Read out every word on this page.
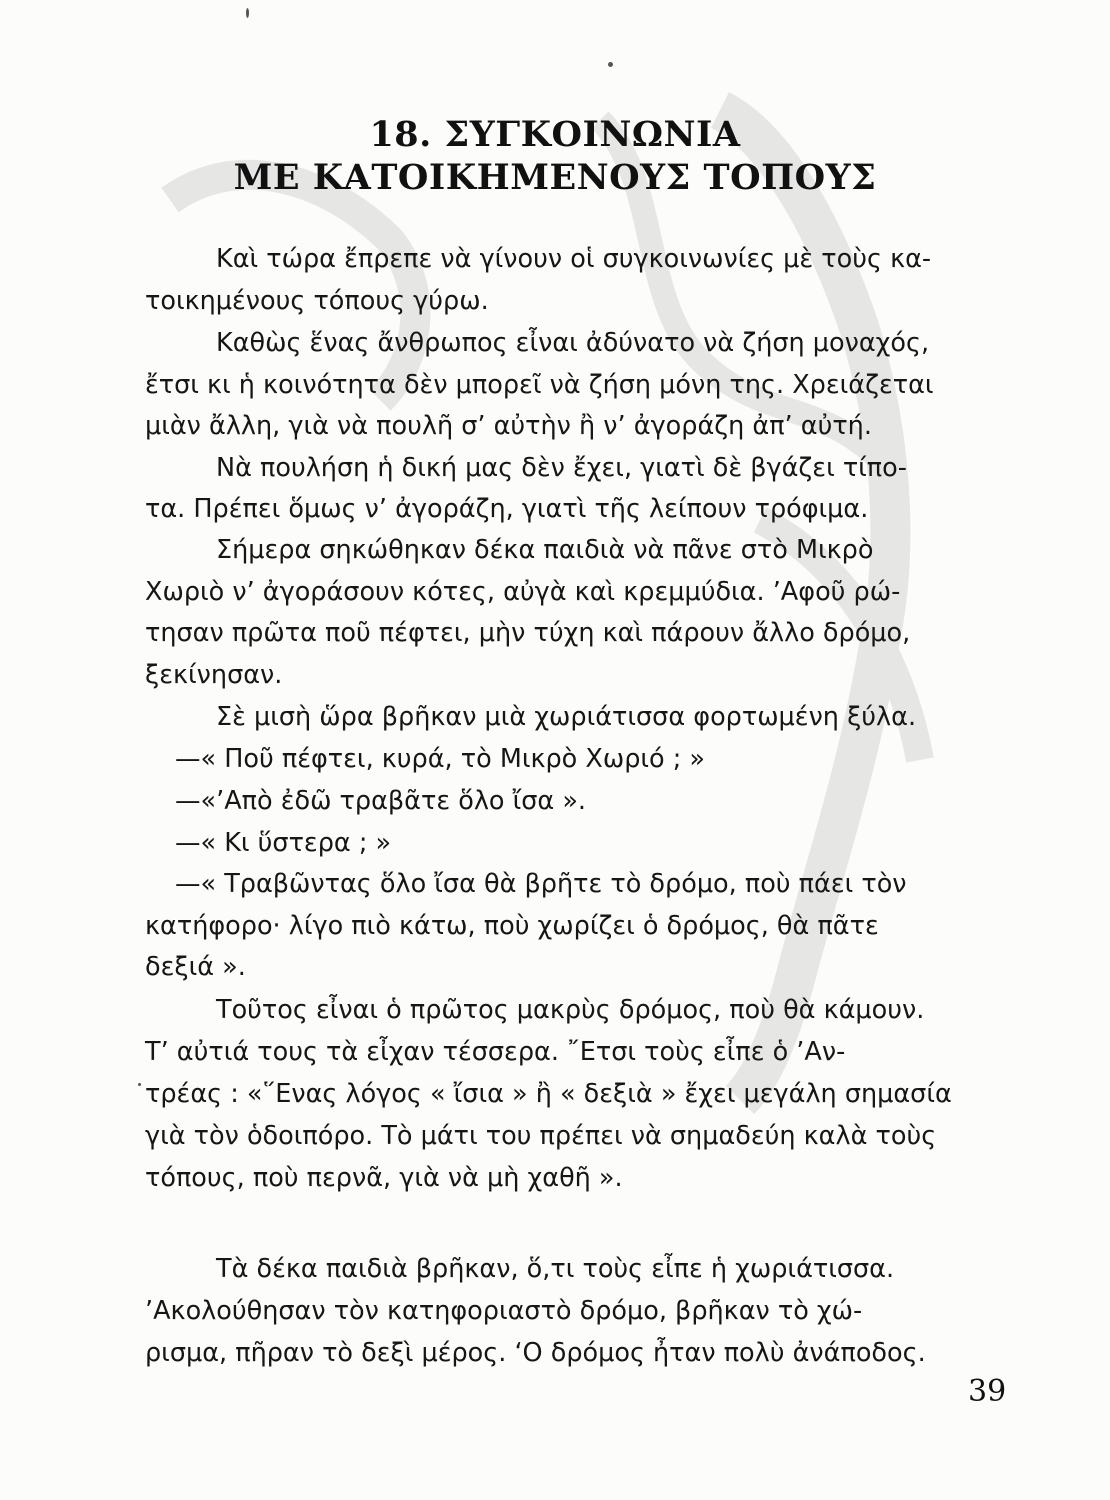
18. ΣΥΓΚΟΙΝΩΝΙΑ
ΜΕ ΚΑΤΟΙΚΗΜΕΝΟΥΣ ΤΟΠΟΥΣ
Καὶ τώρα ἔπρεπε νὰ γίνουν οἱ συγκοινωνίες μὲ τοὺς κα-
τοικημένους τόπους γύρω.
Καθὼς ἕνας ἄνθρωπος εἶναι ἀδύνατο νὰ ζήση μοναχός,
ἔτσι κι ἡ κοινότητα δὲν μπορεῖ νὰ ζήση μόνη της. Χρειάζεται
μιὰν ἄλλη, γιὰ νὰ πουλῆ σ’ αὐτὴν ἢ ν’ ἀγοράζη ἀπ’ αὐτή.
Νὰ πουλήση ἡ δική μας δὲν ἔχει, γιατὶ δὲ βγάζει τίπο-
τα. Πρέπει ὅμως ν’ ἀγοράζη, γιατὶ τῆς λείπουν τρόφιμα.
Σήμερα σηκώθηκαν δέκα παιδιὰ νὰ πᾶνε στὸ Μικρὸ
Χωριὸ ν’ ἀγοράσουν κότες, αὐγὰ καὶ κρεμμύδια. ’Αφοῦ ρώ-
τησαν πρῶτα ποῦ πέφτει, μὴν τύχη καὶ πάρουν ἄλλο δρόμο,
ξεκίνησαν.
Σὲ μισὴ ὥρα βρῆκαν μιὰ χωριάτισσα φορτωμένη ξύλα.
—« Ποῦ πέφτει, κυρά, τὸ Μικρὸ Χωριό ; »
—«’Απὸ ἐδῶ τραβᾶτε ὅλο ἴσα ».
—« Κι ὕστερα ; »
—« Τραβῶντας ὅλο ἴσα θὰ βρῆτε τὸ δρόμο, ποὺ πάει τὸν
κατήφορο· λίγο πιὸ κάτω, ποὺ χωρίζει ὁ δρόμος, θὰ πᾶτε
δεξιά ».
Τοῦτος εἶναι ὁ πρῶτος μακρὺς δρόμος, ποὺ θὰ κάμουν.
Τ’ αὐτιά τους τὰ εἶχαν τέσσερα. ῎Ετσι τοὺς εἶπε ὁ ’Αν-
τρέας : «῞Ενας λόγος « ἴσια » ἢ « δεξιὰ » ἔχει μεγάλη σημασία
γιὰ τὸν ὁδοιπόρο. Τὸ μάτι του πρέπει νὰ σημαδεύη καλὰ τοὺς
τόπους, ποὺ περνᾶ, γιὰ νὰ μὴ χαθῆ ».
Τὰ δέκα παιδιὰ βρῆκαν, ὅ,τι τοὺς εἶπε ἡ χωριάτισσα.
’Ακολούθησαν τὸν κατηφοριαστὸ δρόμο, βρῆκαν τὸ χώ-
ρισμα, πῆραν τὸ δεξὶ μέρος. ‘Ο δρόμος ἦταν πολὺ ἀνάποδος.
39
